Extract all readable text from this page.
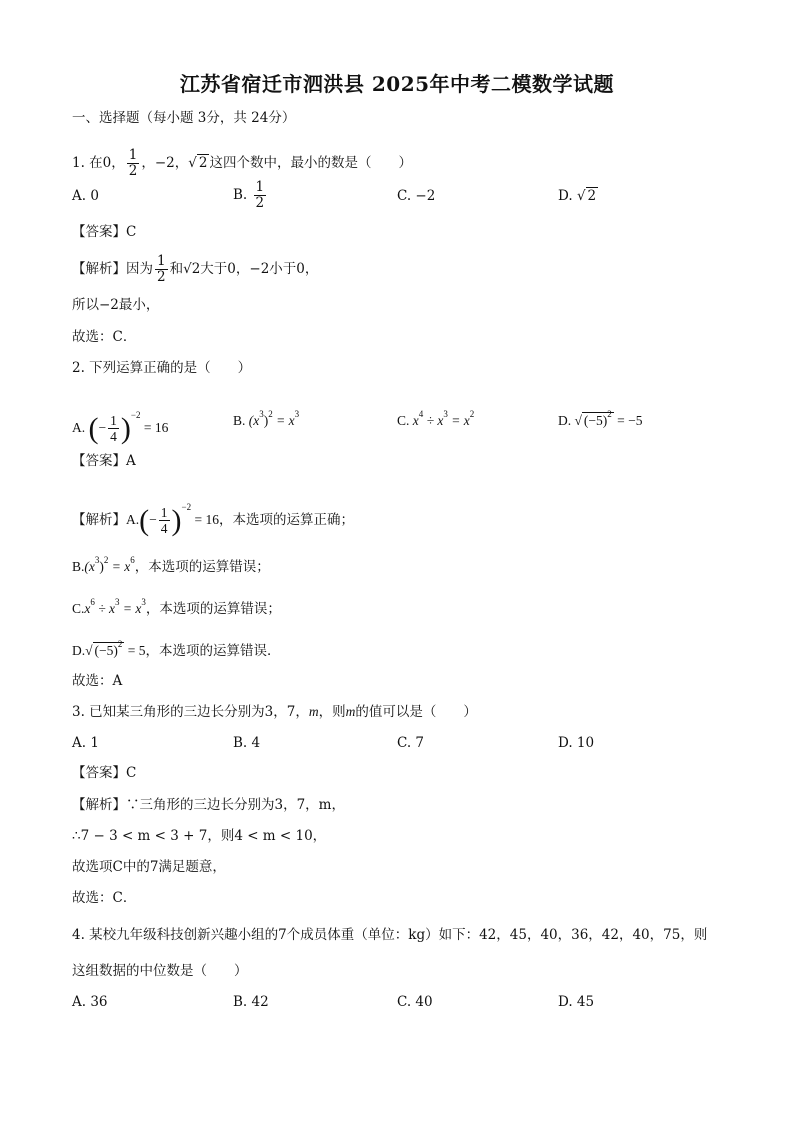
江苏省宿迁市泗洪县 2025年中考二模数学试题
一、选择题（每小题 3分，共 24分）
1. 在0， $\frac{1}{2}$ ，−2，√ 2 这四个数中，最小的数是（　　）
A. 0	B. $\frac{1}{2}$	C. −2	D. √ 2
【答案】C
【解析】因为 $\frac{1}{2}$ 和√2大于0，−2小于0，
所以−2最小，
故选：C．
2. 下列运算正确的是（　　）
A. (− $\frac{1}{4} )^{-2} = 16$	B. $(x^3)^2 = x^3$	C. $x^4 \div x^3 = x^2$	D. √ $(-5)^2 = -5$
【答案】A
【解析】$A.(- \frac{1}{4} )^{-2} = 16$，本选项的运算正确；
$B.(x^3)^2 = x^6$，本选项的运算错误；
$C.x^6 \div x^3 = x^3$，本选项的运算错误；
D.√ $(-5)^2 = 5$，本选项的运算错误．
故选：A
3. 已知某三角形的三边长分别为3，7，m，则m的值可以是（　　）
A. 1	B. 4	C. 7	D. 10
【答案】C
【解析】∵三角形的三边长分别为3，7，m，
∴7 − 3 < m < 3 + 7，则4 < m < 10，
故选项C中的7满足题意，
故选：C．
4. 某校九年级科技创新兴趣小组的7个成员体重（单位：kg）如下：42，45，40，36，42，40，75，则
这组数据的中位数是（　　）
A. 36	B. 42	C. 40	D. 45
